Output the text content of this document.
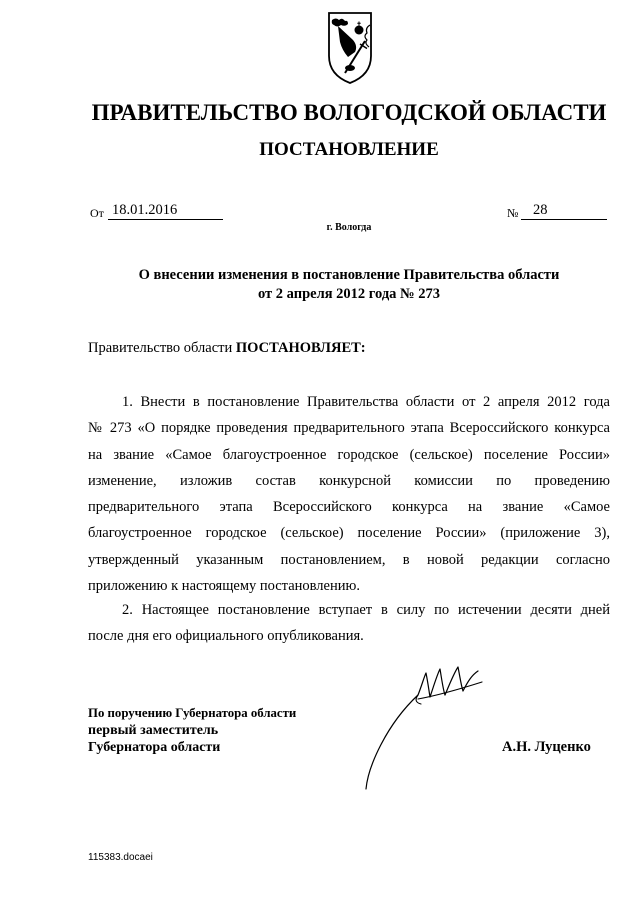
ПРАВИТЕЛЬСТВО ВОЛОГОДСКОЙ ОБЛАСТИ
ПОСТАНОВЛЕНИЕ
От 18.01.2016	№	28
г. Вологда
О внесении изменения в постановление Правительства области
от 2 апреля 2012 года № 273
Правительство области ПОСТАНОВЛЯЕТ:
1. Внести в постановление Правительства области от 2 апреля 2012 года
№ 273 «О порядке проведения предварительного этапа Всероссийского конкурса
на звание «Самое благоустроенное городское (сельское) поселение России»
изменение, изложив состав конкурсной комиссии по проведению
предварительного этапа Всероссийского конкурса на звание «Самое
благоустроенное городское (сельское) поселение России» (приложение 3),
утвержденный указанным постановлением, в новой редакции согласно
приложению к настоящему постановлению.
2. Настоящее постановление вступает в силу по истечении десяти дней
после дня его официального опубликования.
По поручению Губернатора области
первый заместитель
Губернатора области	А.Н. Луценко
115383.docaei
